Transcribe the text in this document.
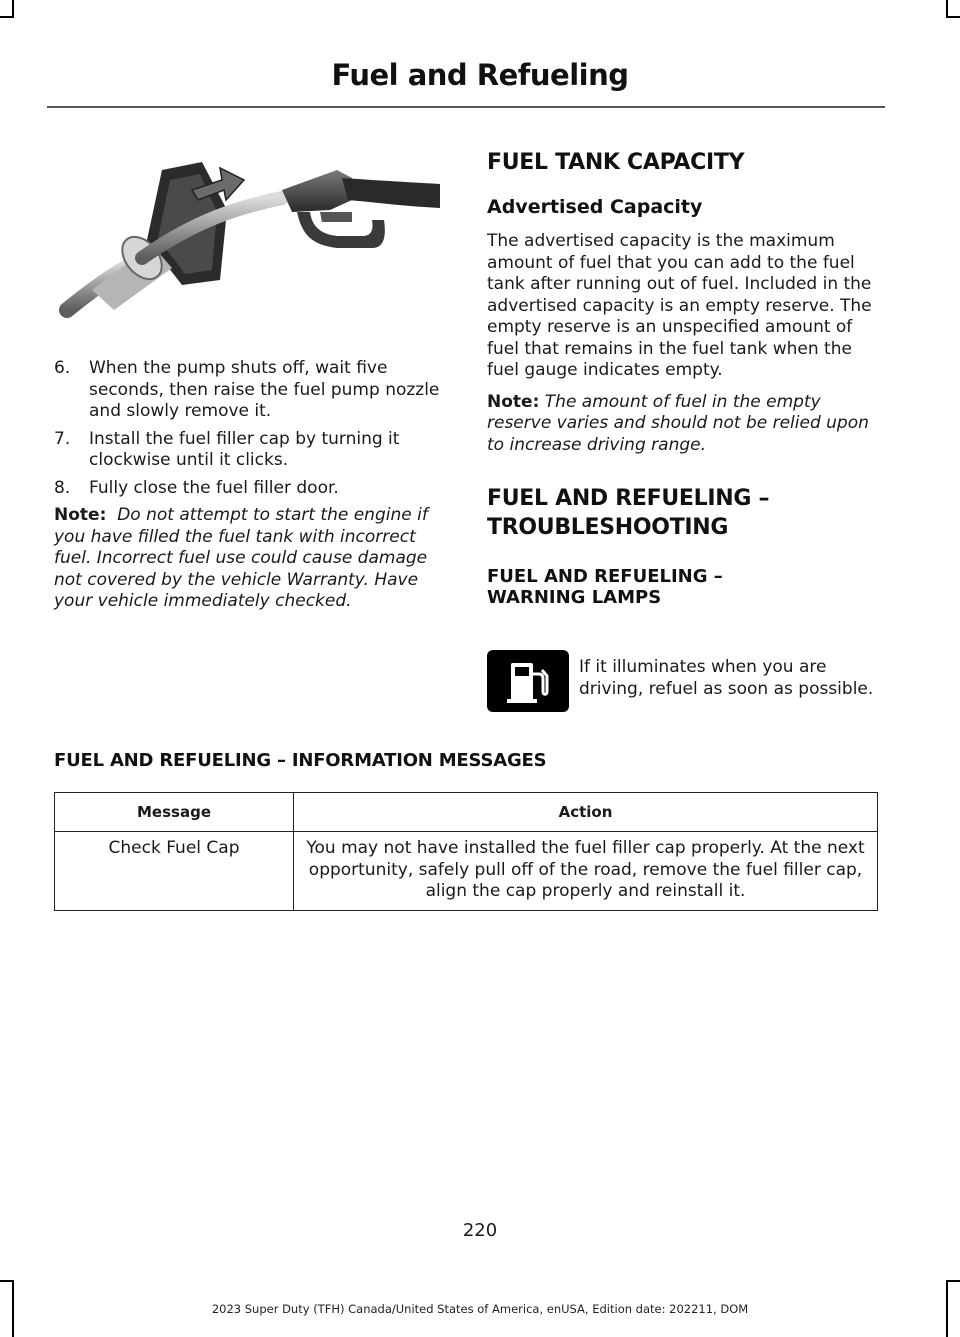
Fuel and Refueling
6.	When the pump shuts off, wait five seconds, then raise the fuel pump nozzle and slowly remove it.
7.	Install the fuel filler cap by turning it clockwise until it clicks.
8.	Fully close the fuel filler door.
Note: Do not attempt to start the engine if you have filled the fuel tank with incorrect fuel. Incorrect fuel use could cause damage not covered by the vehicle Warranty. Have your vehicle immediately checked.
FUEL TANK CAPACITY
Advertised Capacity

The advertised capacity is the maximum amount of fuel that you can add to the fuel tank after running out of fuel. Included in the advertised capacity is an empty reserve. The empty reserve is an unspecified amount of fuel that remains in the fuel tank when the fuel gauge indicates empty.

Note: The amount of fuel in the empty reserve varies and should not be relied upon to increase driving range.

FUEL AND REFUELING –
TROUBLESHOOTING
FUEL AND REFUELING –
WARNING LAMPS
If it illuminates when you are driving, refuel as soon as possible.
FUEL AND REFUELING – INFORMATION MESSAGES
Message	Action
Check Fuel Cap	You may not have installed the fuel filler cap properly. At the next opportunity, safely pull off of the road, remove the fuel filler cap, align the cap properly and reinstall it.
220
2023 Super Duty (TFH) Canada/United States of America, enUSA, Edition date: 202211, DOM
